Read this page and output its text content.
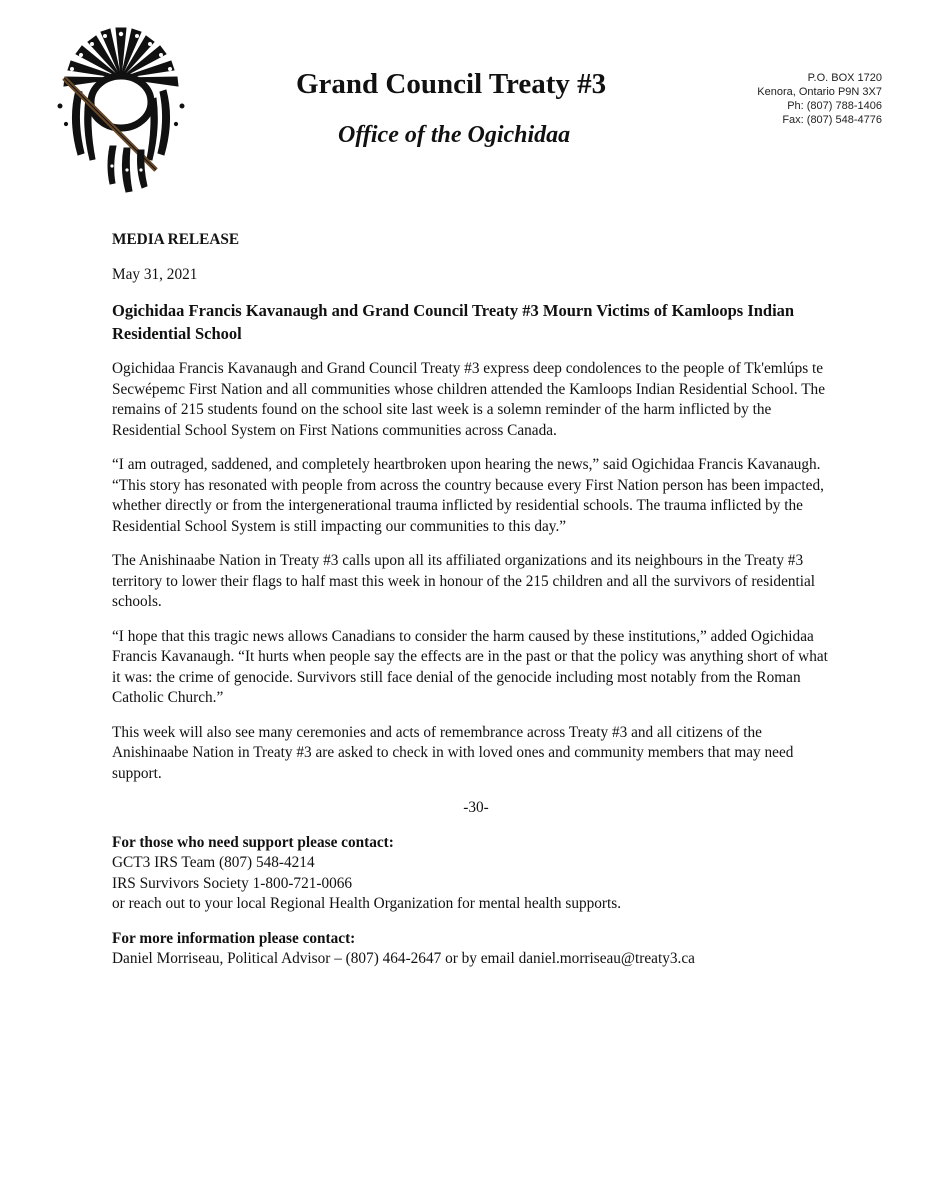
Grand Council Treaty #3
Office of the Ogichidaa
P.O. BOX 1720
Kenora, Ontario P9N 3X7
Ph: (807) 788-1406
Fax: (807) 548-4776
MEDIA RELEASE
May 31, 2021
Ogichidaa Francis Kavanaugh and Grand Council Treaty #3 Mourn Victims of Kamloops Indian Residential School

Ogichidaa Francis Kavanaugh and Grand Council Treaty #3 express deep condolences to the people of Tk'emlúps te Secwépemc First Nation and all communities whose children attended the Kamloops Indian Residential School. The remains of 215 students found on the school site last week is a solemn reminder of the harm inflicted by the Residential School System on First Nations communities across Canada.

“I am outraged, saddened, and completely heartbroken upon hearing the news,” said Ogichidaa Francis Kavanaugh. “This story has resonated with people from across the country because every First Nation person has been impacted, whether directly or from the intergenerational trauma inflicted by residential schools. The trauma inflicted by the Residential School System is still impacting our communities to this day.”

The Anishinaabe Nation in Treaty #3 calls upon all its affiliated organizations and its neighbours in the Treaty #3 territory to lower their flags to half mast this week in honour of the 215 children and all the survivors of residential schools.

“I hope that this tragic news allows Canadians to consider the harm caused by these institutions,” added Ogichidaa Francis Kavanaugh. “It hurts when people say the effects are in the past or that the policy was anything short of what it was: the crime of genocide. Survivors still face denial of the genocide including most notably from the Roman Catholic Church.”

This week will also see many ceremonies and acts of remembrance across Treaty #3 and all citizens of the Anishinaabe Nation in Treaty #3 are asked to check in with loved ones and community members that may need support.

-30-
For those who need support please contact:
GCT3 IRS Team (807) 548-4214
IRS Survivors Society 1-800-721-0066
or reach out to your local Regional Health Organization for mental health supports.
For more information please contact:
Daniel Morriseau, Political Advisor – (807) 464-2647 or by email daniel.morriseau@treaty3.ca
